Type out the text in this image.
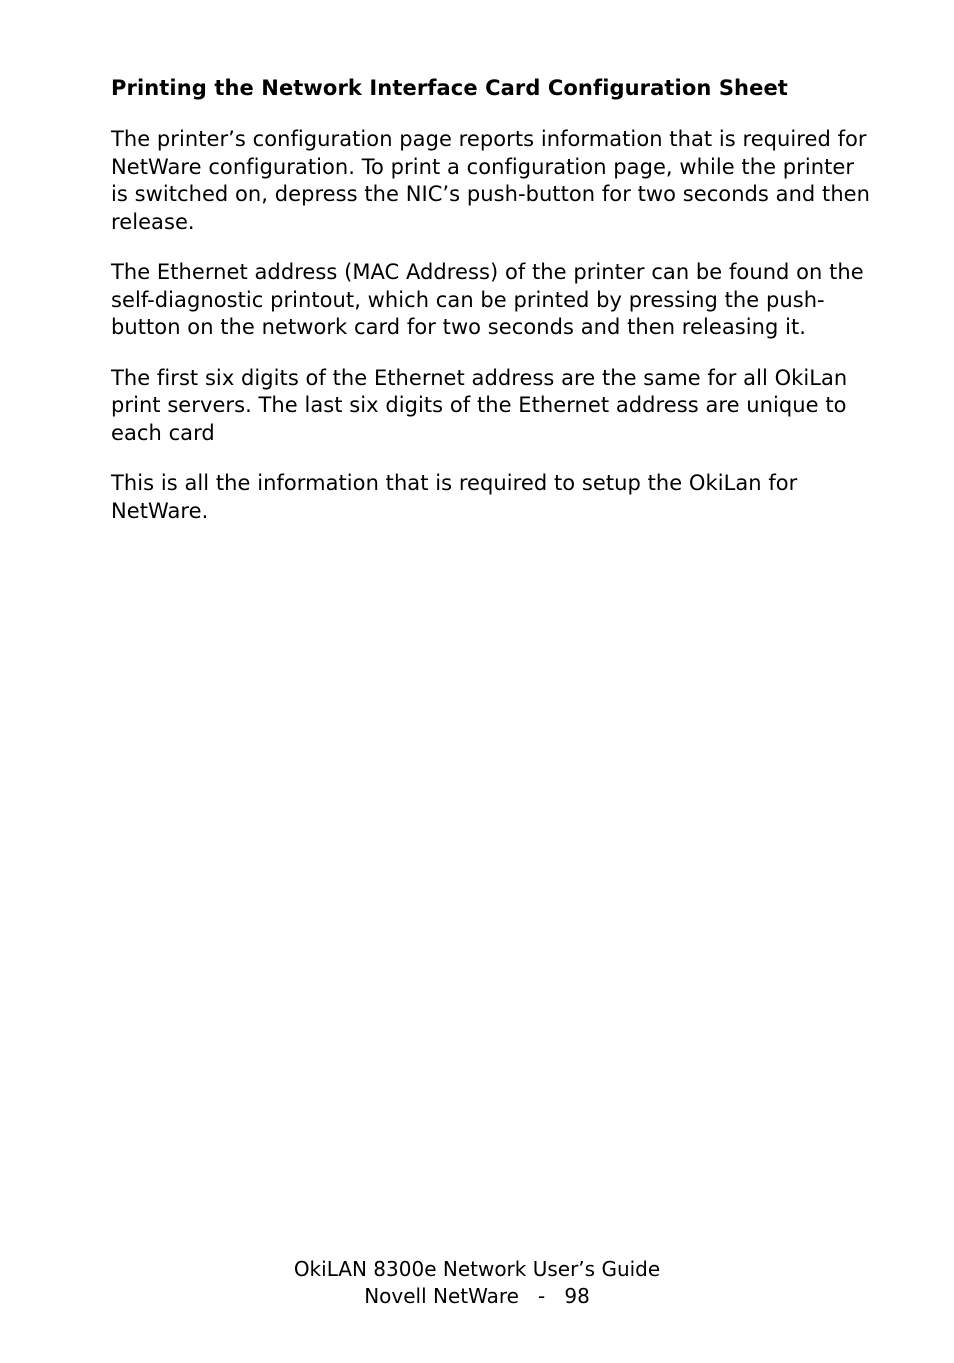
Printing the Network Interface Card Configuration Sheet

The printer’s configuration page reports information that is required for NetWare configuration. To print a configuration page, while the printer is switched on, depress the NIC’s push-button for two seconds and then release.

The Ethernet address (MAC Address) of the printer can be found on the self-diagnostic printout, which can be printed by pressing the push-button on the network card for two seconds and then releasing it.

The first six digits of the Ethernet address are the same for all OkiLan print servers. The last six digits of the Ethernet address are unique to each card

This is all the information that is required to setup the OkiLan for NetWare.

OkiLAN 8300e Network User’s Guide
Novell NetWare - 98
